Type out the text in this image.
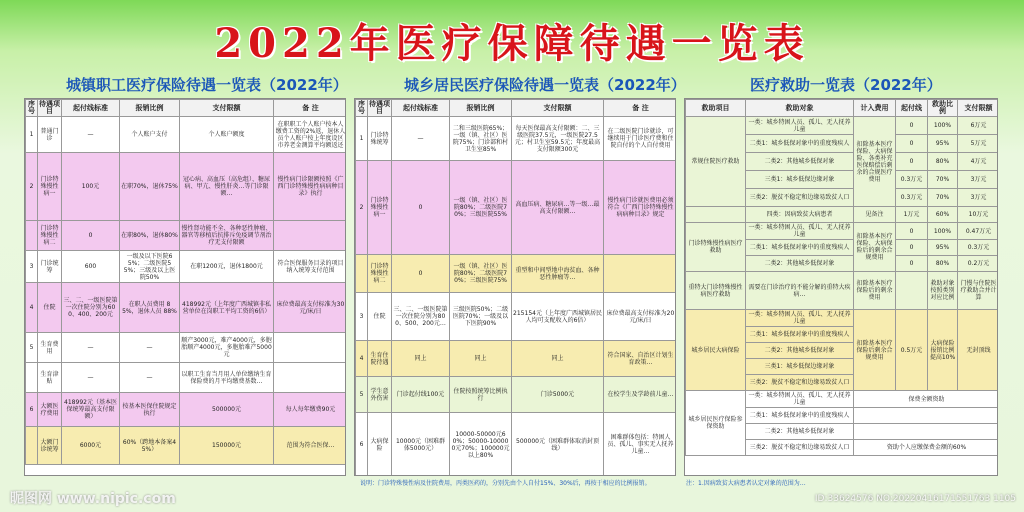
2022年医疗保障待遇一览表
城镇职工医疗保险待遇一览表（2022年）	城乡居民医疗保险待遇一览表（2022年）	医疗救助一览表（2022年）
序号	待遇项目	起付线标准	报销比例	支付限额	备 注
1	普通门诊	—	个人账户支付	个人账户额度	在职职工个人账户按本人缴费工资的2%返，退休人员个人账户按上年度设区市养老金测算平均额返还
2	门诊特殊慢性病一	100元	在职70%，退休75%	冠心病、高血压（高危组）、糖尿病、甲亢、慢性肝炎…等门诊限额…	慢性病门诊限额按照《广西门诊特殊慢性病病种目录》执行
	门诊特殊慢性病二	0	在职80%，退休80%	慢性肾功能不全、各种恶性肿瘤、器官等移植后抗排斥免疫调节剂治疗无支付限额	
3	门诊统筹	600	一级及以下医院65%；二级医院55%；三级及以上医院50%	在职1200元，退休1800元	符合医保服务目录的项目纳入统筹支付范围
4	住院	三、二、一级医院第一次住院分别为600、400、200元	在职人员费用 85%，退休人员 88%	418992元（上年度广西城镇非私营单位在岗职工平均工资的6倍）	床位费最高支付标准为30元/床/日
5	生育费用	—	—	顺产3000元，难产4000元，多胞胎顺产4000元，多胞胎难产5000元	
	生育津贴	—	—	以职工生育当月用人单位缴纳生育保险费的月平均缴费基数…	
6	大额医疗费用	418992元（基本医保统筹最高支付限额）	按基本医保住院规定执行	500000元	每人每年缴费90元
	大额门诊统筹	6000元	60%（跨地本备案45%）	150000元	范围为符合医保…
序号	待遇项目	起付线标准	报销比例	支付限额	备 注
1	门诊特殊统筹	—	二和三级医院65%；一级（镇、社区）医院75%；门诊部和村卫生室85%	每天医保最高支付限额：二、三级医院37.5元，一级医院27.5元；村卫生室59.5元；年度最高支付限额300元	在二级医院门诊就诊，可继续用于门诊医疗费和住院自付的个人自付费用
2	门诊特殊慢性病一	0	一级（镇、社区）医院80%；二级医院70%；三级医院55%	高血压病、糖尿病…等一级…最高支付限额…	慢性病门诊就医费用必须符合《广西门诊特殊慢性病病种目录》规定
	门诊特殊慢性病二	0	一级（镇、社区）医院80%；二级医院70%；三级医院75%	重型和中间型地中海贫血、各种恶性肿瘤等…	
3	住院	三、二、一级医院第一次住院分别为800、500、200元…	三级医院50%；二级医院70%；一级及以下医院90%	215154元（上年度广西城镇居民人均可支配收入的6倍）	床位费最高支付标准为20元/床/日
4	生育住院待遇	同上	同上	同上	符合国家、自治区计划生育政策…
5	学生意外伤害	门诊起付线100元	住院按照统筹比例执行	门诊5000元	在校学生及学龄前儿童…
6	大病保险	10000元（困难群体5000元）	10000-50000元60%；50000-100000元70%；100000元以上80%	500000元（困难群体取消封顶线）	困难群体包括：特困人员、孤儿、事实无人抚养儿童…
救助项目	救助对象	计入费用	起付线	救助比例	支付限额
常规住院医疗救助	一类：城乡特困人员、孤儿、无人抚养儿童	扣除基本医疗保险、大病保险、各类补充医保赔偿后剩余的合规医疗费用	0	100%	6万元
	二类1：城乡低保对象中的重度残疾人		0	95%	5万元
	二类2：其他城乡低保对象		0	80%	4万元
	三类1：城乡低保边缘对象		0.3万元	70%	3万元
	三类2：脱贫不稳定和边缘易致贫人口		0.3万元	70%	3万元
	四类：因病致贫大病患者	见备注	1万元	60%	10万元
门诊特殊慢性病医疗救助	一类：城乡特困人员、孤儿、无人抚养儿童	扣除基本医疗保险、大病保险后的剩余合规费用	0	100%	0.47万元
	二类1：城乡低保对象中的重度残疾人		0	95%	0.3万元
	二类2：其他城乡低保对象		0	80%	0.2万元
重特大门诊特殊慢性病医疗救助	需要在门诊治疗的不能分解的重特大疾病…	扣除基本医疗保险后的剩余费用		救助对象按照类别对应比例	门慢与住院医疗救助合并计算
城乡居民大病保险	一类：城乡特困人员、孤儿、无人抚养儿童	扣除基本医疗保险后剩余合规费用	0.5万元	大病保险报销比例提高10%	无封顶线
	二类1：城乡低保对象中的重度残疾人				
	二类2：其他城乡低保对象				
	三类1：城乡低保边缘对象				
	三类2：脱贫不稳定和边缘易致贫人口				
城乡居民医疗保险参保资助	一类：城乡特困人员、孤儿、无人抚养儿童	保费全额资助			
	二类1：城乡低保对象中的重度残疾人				
	二类2：其他城乡低保对象				
	三类2：脱贫不稳定和边缘易致贫人口	资助个人应缴保费金额的60%			
说明：门诊特殊慢性病及住院费用，丙类医药的，分别先由个人自付15%、30%后，再按于相应的比例报销。	注：1.因病致贫大病患者认定对象的范围为…
昵图网 www.nipic.com	ID:33624576 NO:20220416171551763 1105
